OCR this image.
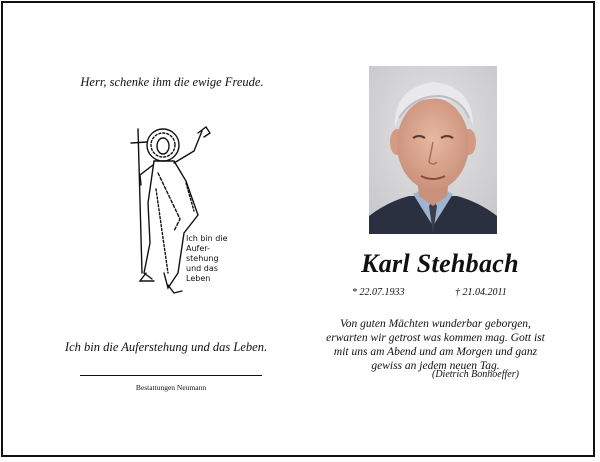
Herr, schenke ihm die ewige Freude.
Ich bin die
Aufer-
stehung
und das
Leben
Ich bin die Auferstehung und das Leben.
Bestattungen Neumann
Karl Stehbach
* 22.07.1933	† 21.04.2011
Von guten Mächten wunderbar geborgen,
erwarten wir getrost was kommen mag. Gott ist
mit uns am Abend und am Morgen und ganz
gewiss an jedem neuen Tag.
(Dietrich Bonhoeffer)
